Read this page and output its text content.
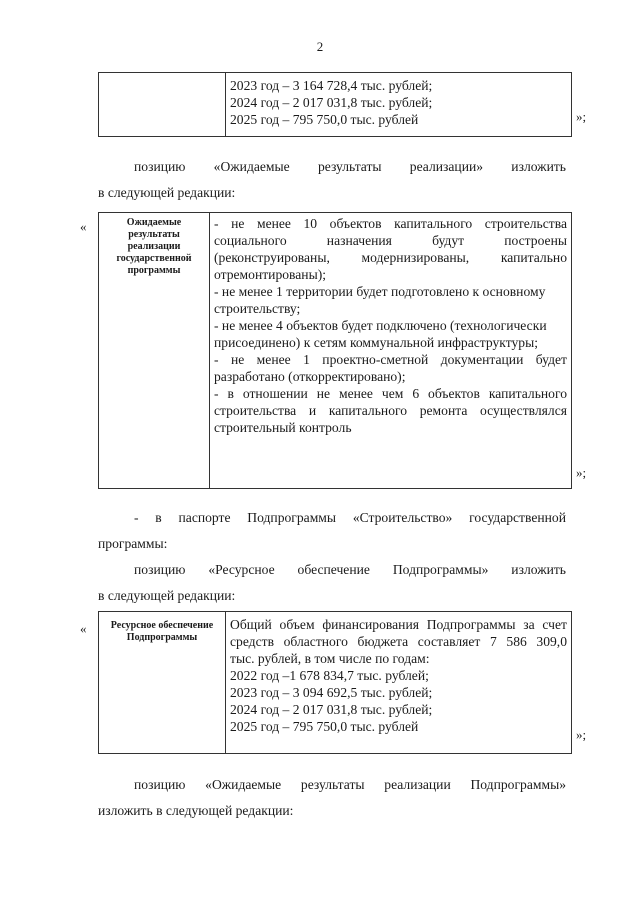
2

2023 год – 3 164 728,4 тыс. рублей;
2024 год – 2 017 031,8 тыс. рублей;
2025 год – 795 750,0 тыс. рублей	»;
позицию «Ожидаемые результаты реализации» изложить
в следующей редакции:
«	Ожидаемые результаты реализации государственной программы	
- не менее 10 объектов капитального строительства
социального назначения будут построены
(реконструированы, модернизированы, капитально
отремонтированы);
- не менее 1 территории будет подготовлено к основному
строительству;
- не менее 4 объектов будет подключено (технологически
присоединено) к сетям коммунальной инфраструктуры;
- не менее 1 проектно-сметной документации будет
разработано (откорректировано);
- в отношении не менее чем 6 объектов капитального
строительства и капитального ремонта осуществлялся
строительный контроль
»;
- в паспорте Подпрограммы «Строительство» государственной
программы:
позицию «Ресурсное обеспечение Подпрограммы» изложить
в следующей редакции:
« Ресурсное обеспечение Подпрограммы	
Общий объем финансирования Подпрограммы за счет
средств областного бюджета составляет 7 586 309,0
тыс. рублей, в том числе по годам:
2022 год –1 678 834,7 тыс. рублей;
2023 год – 3 094 692,5 тыс. рублей;
2024 год – 2 017 031,8 тыс. рублей;
2025 год – 795 750,0 тыс. рублей
»;
позицию «Ожидаемые результаты реализации Подпрограммы»
изложить в следующей редакции:
